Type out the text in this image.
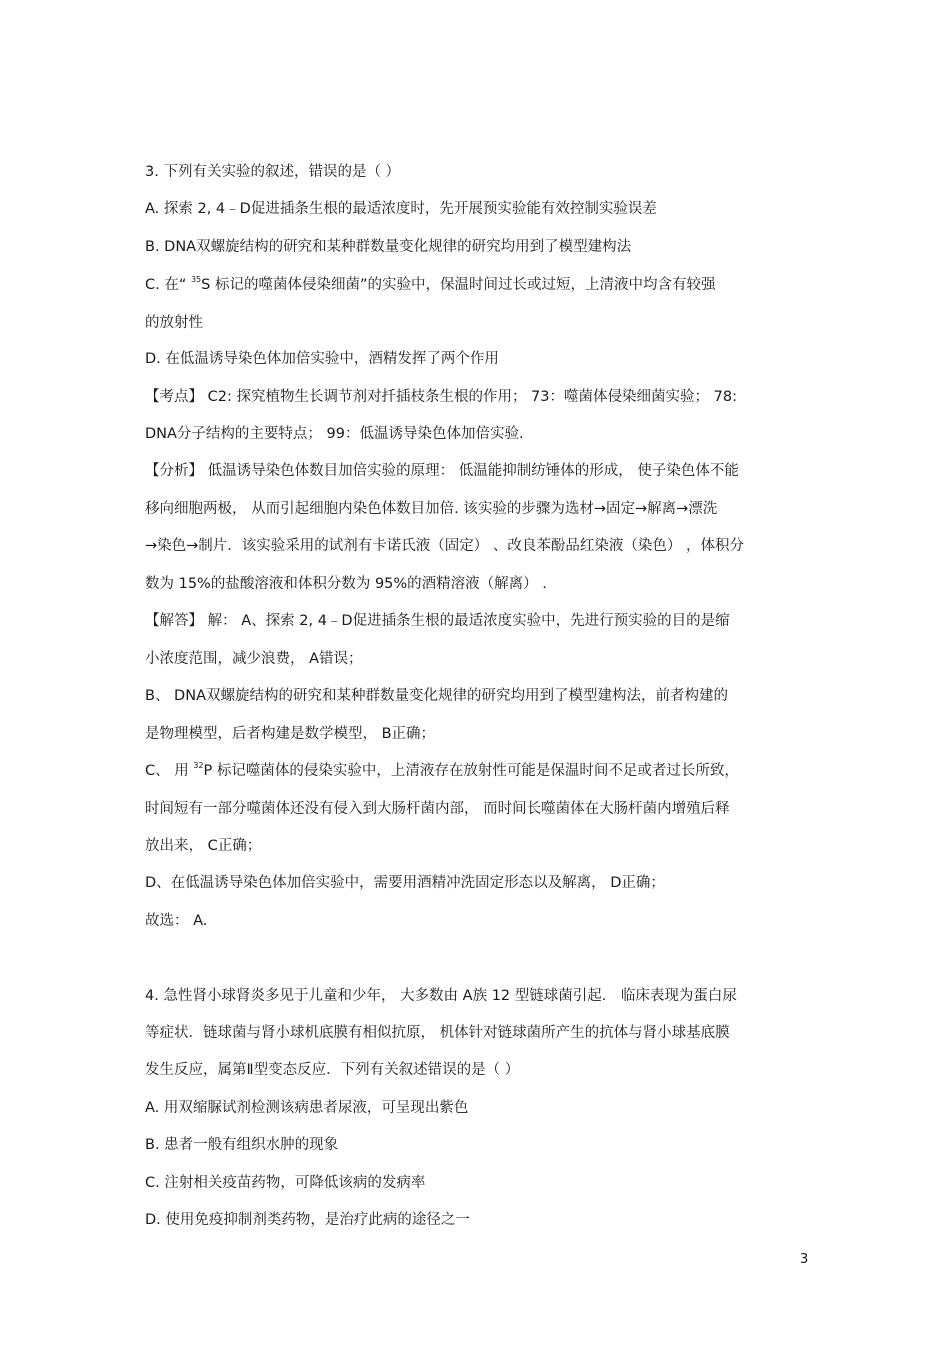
3. 下列有关实验的叙述，错误的是（ ）

A. 探索 2, 4﹣D促进插条生根的最适浓度时，先开展预实验能有效控制实验误差

B. DNA双螺旋结构的研究和某种群数量变化规律的研究均用到了模型建构法

C. 在“ $^{35}$S 标记的噬菌体侵染细菌”的实验中，保温时间过长或过短，上清液中均含有较强

的放射性

D. 在低温诱导染色体加倍实验中，酒精发挥了两个作用

【考点】 C2: 探究植物生长调节剂对扦插枝条生根的作用； 73：噬菌体侵染细菌实验； 78:

DNA分子结构的主要特点； 99：低温诱导染色体加倍实验.

【分析】 低温诱导染色体数目加倍实验的原理： 低温能抑制纺锤体的形成， 使子染色体不能

移向细胞两极， 从而引起细胞内染色体数目加倍. 该实验的步骤为选材→固定→解离→漂洗

→染色→制片．该实验采用的试剂有卡诺氏液（固定） 、改良苯酚品红染液（染色） ，体积分

数为 15%的盐酸溶液和体积分数为 95%的酒精溶液（解离） .

【解答】 解： A、探索 2, 4﹣D促进插条生根的最适浓度实验中，先进行预实验的目的是缩

小浓度范围，减少浪费， A错误；

B、 DNA双螺旋结构的研究和某种群数量变化规律的研究均用到了模型建构法，前者构建的

是物理模型，后者构建是数学模型， B正确；

C、 用 $^{32}$P 标记噬菌体的侵染实验中，上清液存在放射性可能是保温时间不足或者过长所致，

时间短有一部分噬菌体还没有侵入到大肠杆菌内部， 而时间长噬菌体在大肠杆菌内增殖后释

放出来， C正确；

D、在低温诱导染色体加倍实验中，需要用酒精冲洗固定形态以及解离， D正确；

故选： A.

4. 急性肾小球肾炎多见于儿童和少年， 大多数由 A族 12 型链球菌引起． 临床表现为蛋白尿

等症状．链球菌与肾小球机底膜有相似抗原， 机体针对链球菌所产生的抗体与肾小球基底膜

发生反应，属第Ⅱ型变态反应．下列有关叙述错误的是（ ）

A. 用双缩脲试剂检测该病患者尿液，可呈现出紫色

B. 患者一般有组织水肿的现象

C. 注射相关疫苗药物，可降低该病的发病率

D. 使用免疫抑制剂类药物，是治疗此病的途径之一

3
